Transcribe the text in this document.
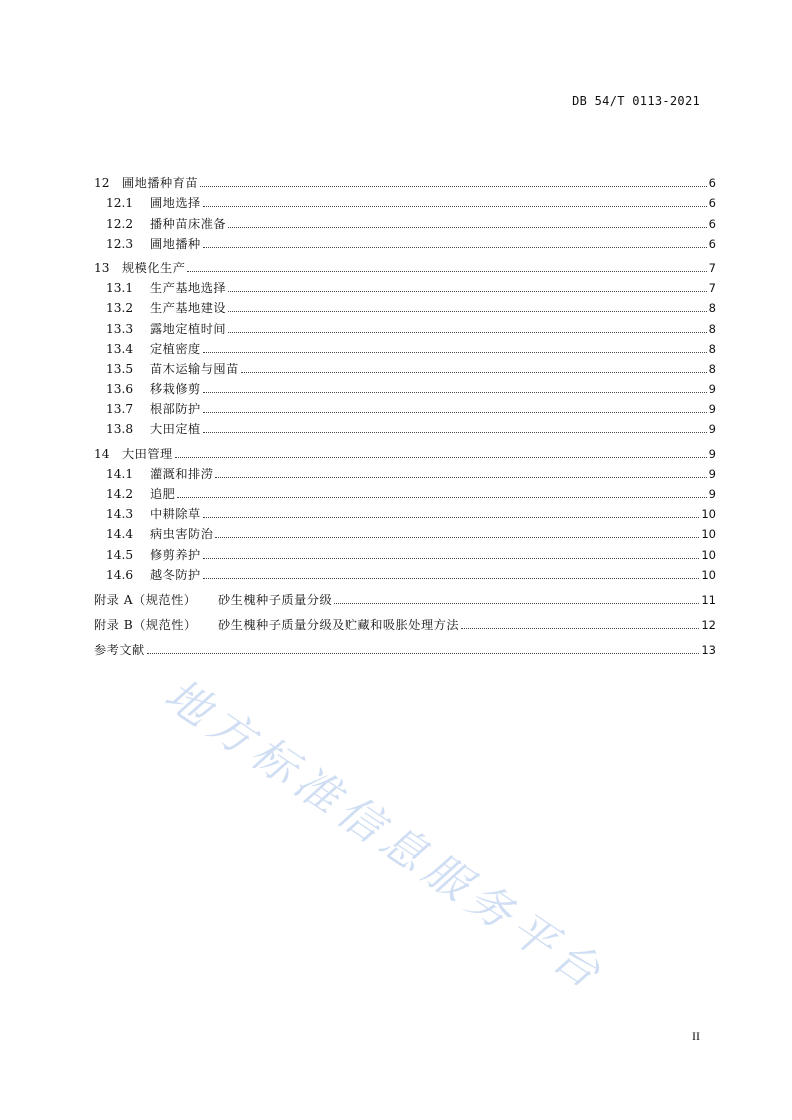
DB 54/T 0113-2021
地方标准信息服务平台
12	圃地播种育苗	6
12.1	圃地选择	6
12.2	播种苗床准备	6
12.3	圃地播种	6
13	规模化生产	7
13.1	生产基地选择	7
13.2	生产基地建设	8
13.3	露地定植时间	8
13.4	定植密度	8
13.5	苗木运输与囤苗	8
13.6	移栽修剪	9
13.7	根部防护	9
13.8	大田定植	9
14	大田管理	9
14.1	灌溉和排涝	9
14.2	追肥	9
14.3	中耕除草	10
14.4	病虫害防治	10
14.5	修剪养护	10
14.6	越冬防护	10
附录 A（规范性）	砂生槐种子质量分级	11
附录 B（规范性）	砂生槐种子质量分级及贮藏和吸胀处理方法	12
参考文献	13
II
